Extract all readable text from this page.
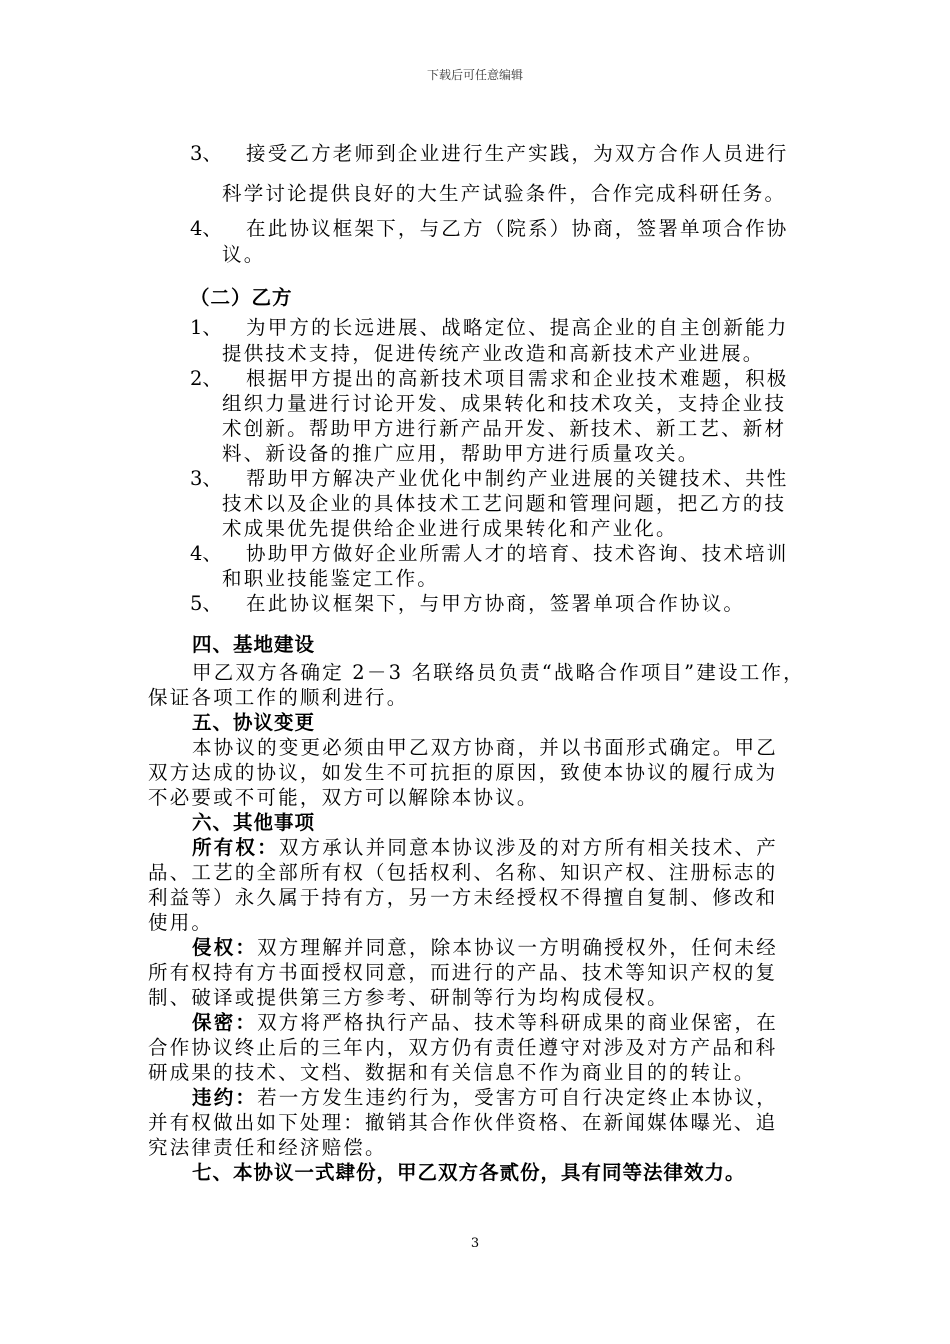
下载后可任意编辑
3、 接受乙方老师到企业进行生产实践，为双方合作人员进行
科学讨论提供良好的大生产试验条件，合作完成科研任务。
4、 在此协议框架下，与乙方（院系）协商，签署单项合作协
议。
（二）乙方
1、 为甲方的长远进展、战略定位、提高企业的自主创新能力
提供技术支持，促进传统产业改造和高新技术产业进展。
2、 根据甲方提出的高新技术项目需求和企业技术难题，积极
组织力量进行讨论开发、成果转化和技术攻关，支持企业技
术创新。帮助甲方进行新产品开发、新技术、新工艺、新材
料、新设备的推广应用，帮助甲方进行质量攻关。
3、 帮助甲方解决产业优化中制约产业进展的关键技术、共性
技术以及企业的具体技术工艺问题和管理问题，把乙方的技
术成果优先提供给企业进行成果转化和产业化。
4、 协助甲方做好企业所需人才的培育、技术咨询、技术培训
和职业技能鉴定工作。
5、 在此协议框架下，与甲方协商，签署单项合作协议。
四、基地建设
甲乙双方各确定 2－3 名联络员负责“战略合作项目”建设工作，
保证各项工作的顺利进行。
五、协议变更
本协议的变更必须由甲乙双方协商，并以书面形式确定。甲乙
双方达成的协议，如发生不可抗拒的原因，致使本协议的履行成为
不必要或不可能，双方可以解除本协议。
六、其他事项
所有权：双方承认并同意本协议涉及的对方所有相关技术、产
品、工艺的全部所有权（包括权利、名称、知识产权、注册标志的
利益等）永久属于持有方，另一方未经授权不得擅自复制、修改和
使用。
侵权：双方理解并同意，除本协议一方明确授权外，任何未经
所有权持有方书面授权同意，而进行的产品、技术等知识产权的复
制、破译或提供第三方参考、研制等行为均构成侵权。
保密：双方将严格执行产品、技术等科研成果的商业保密，在
合作协议终止后的三年内，双方仍有责任遵守对涉及对方产品和科
研成果的技术、文档、数据和有关信息不作为商业目的的转让。
违约：若一方发生违约行为，受害方可自行决定终止本协议，
并有权做出如下处理：撤销其合作伙伴资格、在新闻媒体曝光、追
究法律责任和经济赔偿。
七、本协议一式肆份，甲乙双方各贰份，具有同等法律效力。
3
